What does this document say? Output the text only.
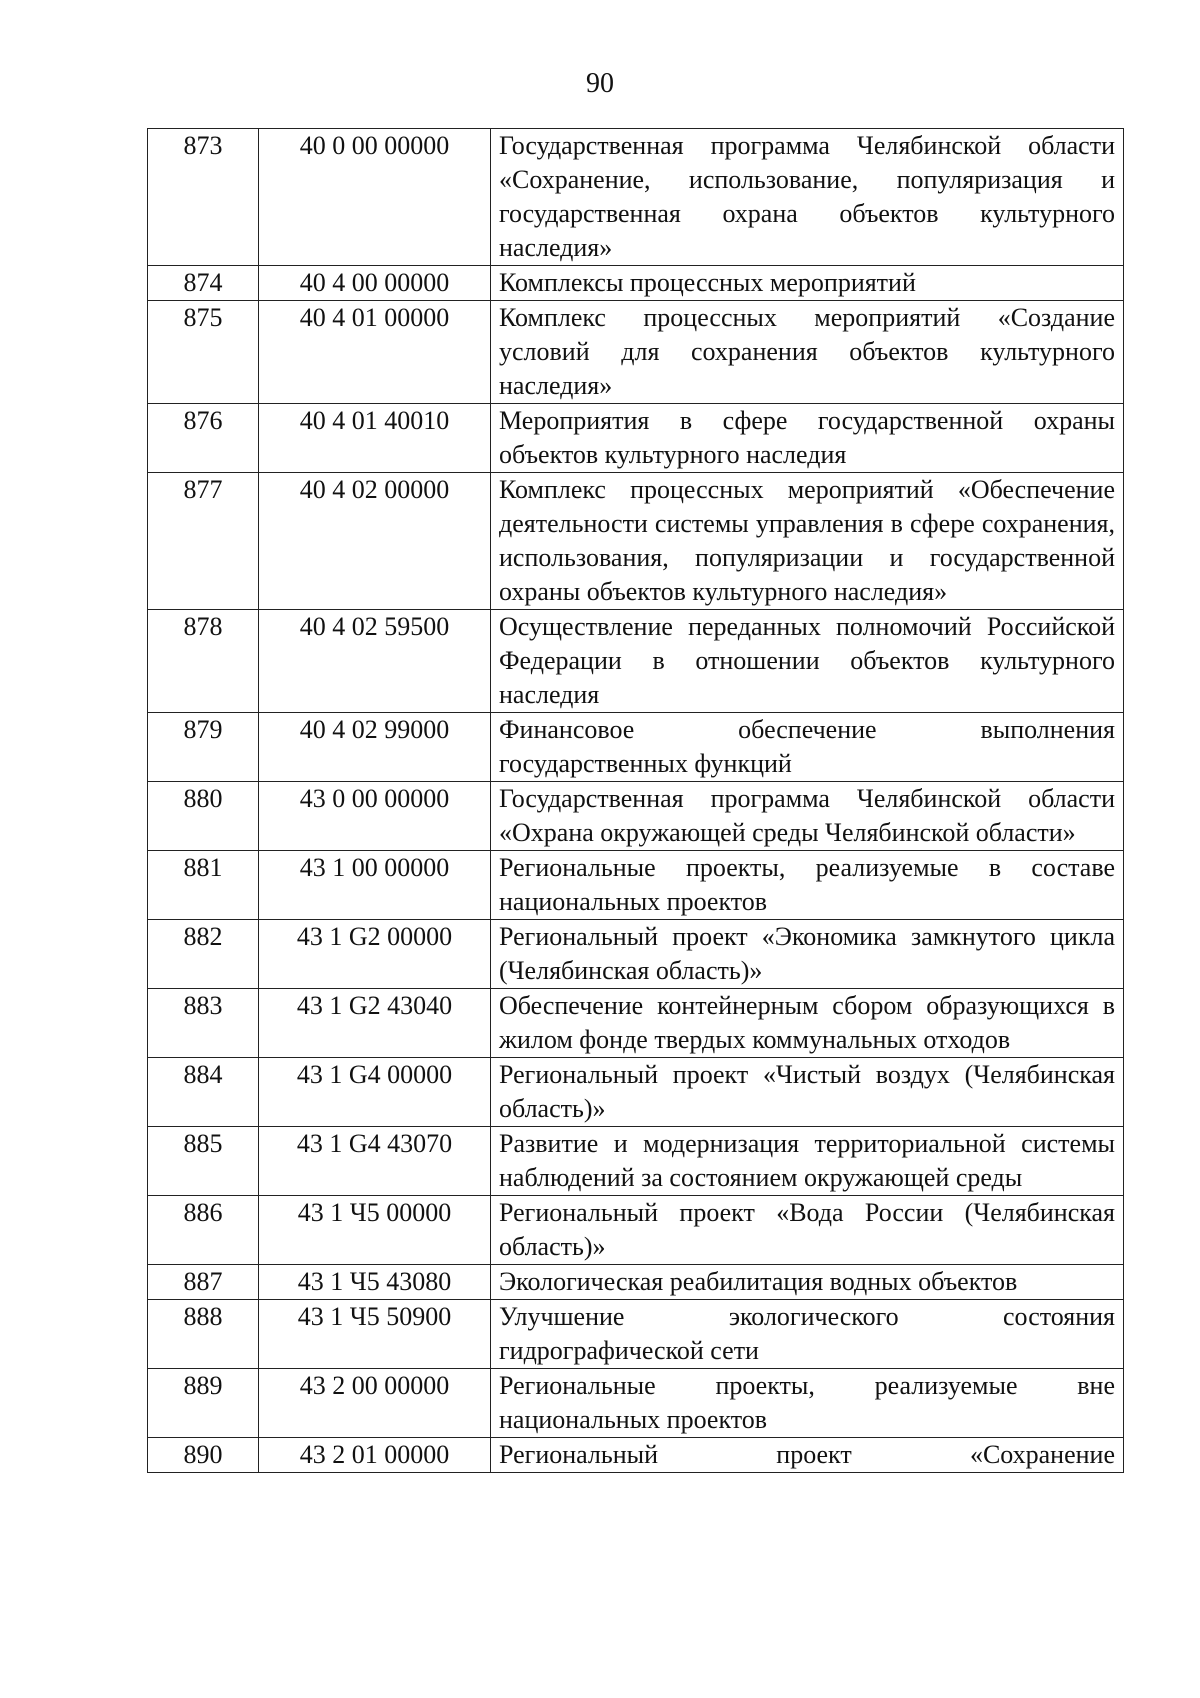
90
873	40 0 00 00000	Государственная программа Челябинской области «Сохранение, использование, популяризация и государственная охрана объектов культурного наследия»
874	40 4 00 00000	Комплексы процессных мероприятий
875	40 4 01 00000	Комплекс процессных мероприятий «Создание условий для сохранения объектов культурного наследия»
876	40 4 01 40010	Мероприятия в сфере государственной охраны объектов культурного наследия
877	40 4 02 00000	Комплекс процессных мероприятий «Обеспечение деятельности системы управления в сфере сохранения, использования, популяризации и государственной охраны объектов культурного наследия»
878	40 4 02 59500	Осуществление переданных полномочий Российской Федерации в отношении объектов культурного наследия
879	40 4 02 99000	Финансовое обеспечение выполнения государственных функций
880	43 0 00 00000	Государственная программа Челябинской области «Охрана окружающей среды Челябинской области»
881	43 1 00 00000	Региональные проекты, реализуемые в составе национальных проектов
882	43 1 G2 00000	Региональный проект «Экономика замкнутого цикла (Челябинская область)»
883	43 1 G2 43040	Обеспечение контейнерным сбором образующихся в жилом фонде твердых коммунальных отходов
884	43 1 G4 00000	Региональный проект «Чистый воздух (Челябинская область)»
885	43 1 G4 43070	Развитие и модернизация территориальной системы наблюдений за состоянием окружающей среды
886	43 1 Ч5 00000	Региональный проект «Вода России (Челябинская область)»
887	43 1 Ч5 43080	Экологическая реабилитация водных объектов
888	43 1 Ч5 50900	Улучшение экологического состояния гидрографической сети
889	43 2 00 00000	Региональные проекты, реализуемые вне национальных проектов
890	43 2 01 00000	Региональный проект «Сохранение
